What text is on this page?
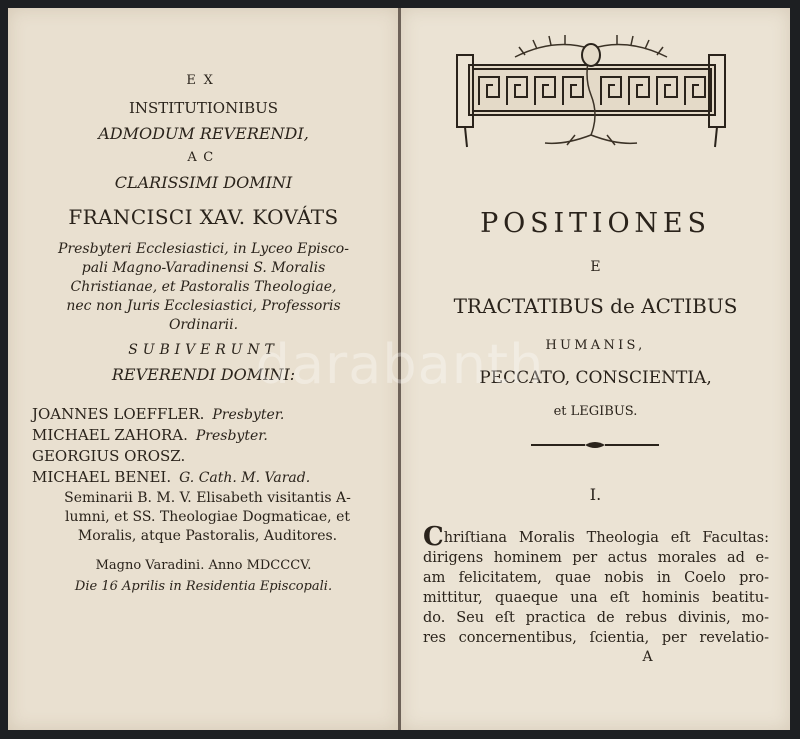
EX
INSTITUTIONIBUS
ADMODUM REVERENDI,
AC
CLARISSIMI DOMINI
FRANCISCI XAV. KOVÁTS
Presbyteri Ecclesiastici, in Lyceo Episco-
pali Magno-Varadinensi S. Moralis
Christianae, et Pastoralis Theologiae,
nec non Juris Ecclesiastici, Professoris
Ordinarii.
SUBIVERUNT
REVERENDI DOMINI:
JOANNES LOEFFLER. Presbyter.
MICHAEL ZAHORA. Presbyter.
GEORGIUS OROSZ.
MICHAEL BENEI. G. Cath. M. Varad.
Seminarii B. M. V. Elisabeth visitantis A-
lumni, et SS. Theologiae Dogmaticae, et
Moralis, atque Pastoralis, Auditores.
Magno Varadini. Anno MDCCCV.
Die 16 Aprilis in Residentia Episcopali.
POSITIONES
E
TRACTATIBUS de ACTIBUS
HUMANIS,
PECCATO, CONSCIENTIA,
et LEGIBUS.
I.
Chriſtiana Moralis Theologia eſt Facultas:
dirigens hominem per actus morales ad e-
am felicitatem, quae nobis in Coelo pro-
mittitur, quaeque una eſt hominis beatitu-
do. Seu eſt practica de rebus divinis, mo-
res concernentibus, ſcientia, per revelatio-
A
darabanth
